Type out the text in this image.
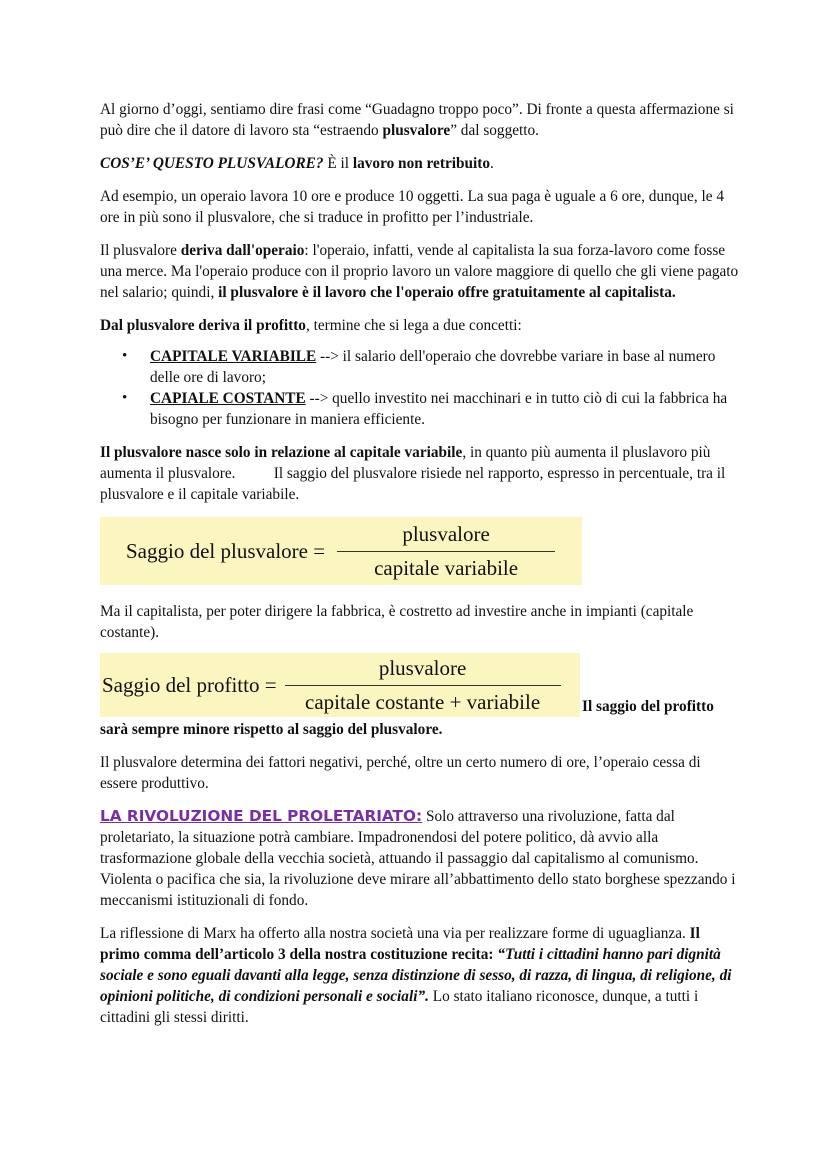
Al giorno d’oggi, sentiamo dire frasi come “Guadagno troppo poco”. Di fronte a questa affermazione si può dire che il datore di lavoro sta “estraendo plusvalore” dal soggetto.

COS’E’ QUESTO PLUSVALORE? È il lavoro non retribuito.

Ad esempio, un operaio lavora 10 ore e produce 10 oggetti. La sua paga è uguale a 6 ore, dunque, le 4 ore in più sono il plusvalore, che si traduce in profitto per l’industriale.

Il plusvalore deriva dall'operaio: l'operaio, infatti, vende al capitalista la sua forza-lavoro come fosse una merce. Ma l'operaio produce con il proprio lavoro un valore maggiore di quello che gli viene pagato nel salario; quindi, il plusvalore è il lavoro che l'operaio offre gratuitamente al capitalista.

Dal plusvalore deriva il profitto, termine che si lega a due concetti:

• CAPITALE VARIABILE --> il salario dell'operaio che dovrebbe variare in base al numero delle ore di lavoro;
• CAPIALE COSTANTE --> quello investito nei macchinari e in tutto ciò di cui la fabbrica ha bisogno per funzionare in maniera efficiente.

Il plusvalore nasce solo in relazione al capitale variabile, in quanto più aumenta il pluslavoro più aumenta il plusvalore.          Il saggio del plusvalore risiede nel rapporto, espresso in percentuale, tra il plusvalore e il capitale variabile.

Saggio del plusvalore = $\frac{\text{plusvalore}}{\text{capitale variabile}}$

Ma il capitalista, per poter dirigere la fabbrica, è costretto ad investire anche in impianti (capitale costante).

Saggio del profitto = $\frac{\text{plusvalore}}{\text{capitale costante + variabile}}$ Il saggio del profitto

sarà sempre minore rispetto al saggio del plusvalore.

Il plusvalore determina dei fattori negativi, perché, oltre un certo numero di ore, l’operaio cessa di essere produttivo.

LA RIVOLUZIONE DEL PROLETARIATO: Solo attraverso una rivoluzione, fatta dal proletariato, la situazione potrà cambiare. Impadronendosi del potere politico, dà avvio alla trasformazione globale della vecchia società, attuando il passaggio dal capitalismo al comunismo. Violenta o pacifica che sia, la rivoluzione deve mirare all’abbattimento dello stato borghese spezzando i meccanismi istituzionali di fondo.

La riflessione di Marx ha offerto alla nostra società una via per realizzare forme di uguaglianza. Il primo comma dell’articolo 3 della nostra costituzione recita: “Tutti i cittadini hanno pari dignità sociale e sono eguali davanti alla legge, senza distinzione di sesso, di razza, di lingua, di religione, di opinioni politiche, di condizioni personali e sociali”. Lo stato italiano riconosce, dunque, a tutti i cittadini gli stessi diritti.
